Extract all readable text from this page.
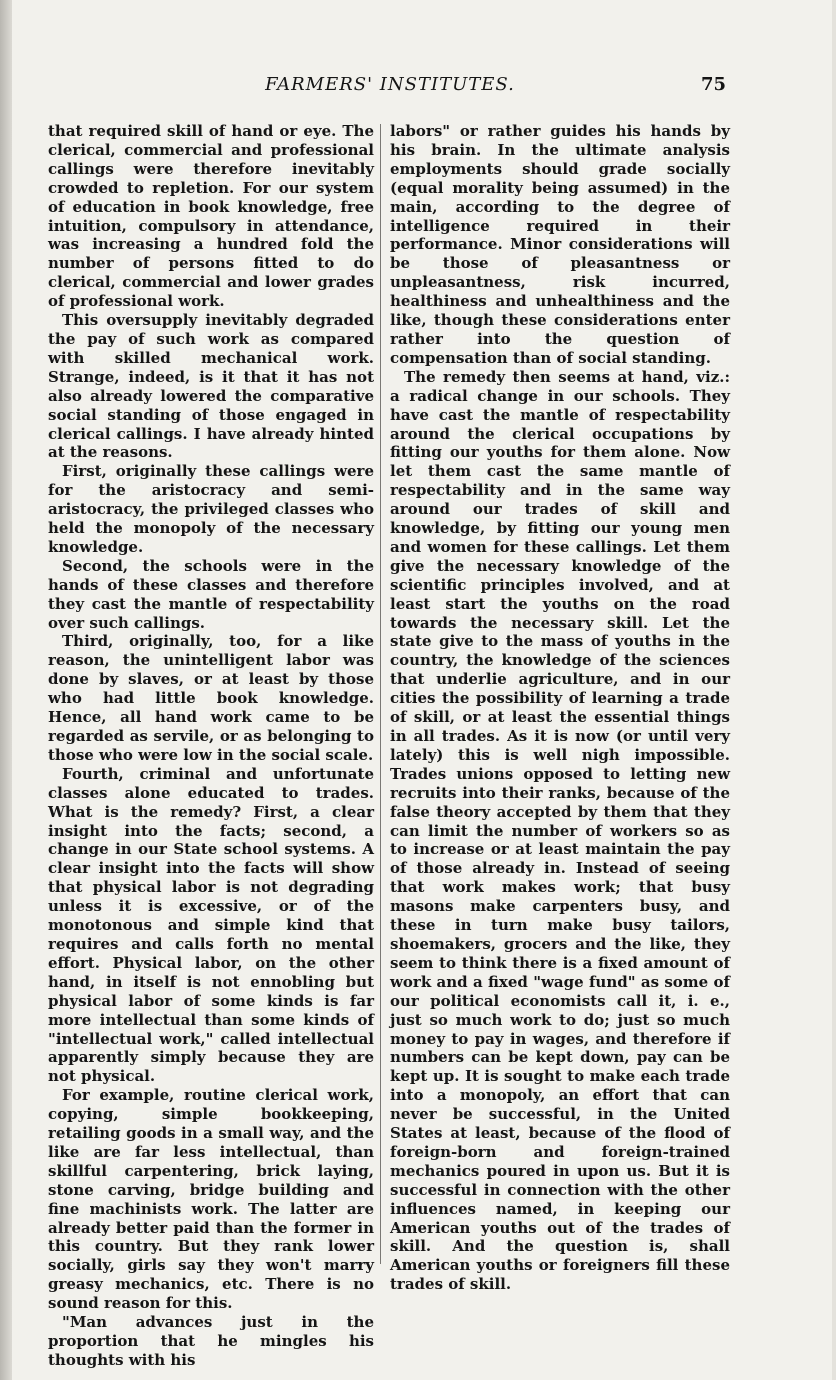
FARMERS' INSTITUTES.	75

that required skill of hand or eye. The clerical, commercial and professional callings were therefore inevitably crowded to repletion. For our system of education in book knowledge, free intuition, compulsory in attendance, was increasing a hundred fold the number of persons fitted to do clerical, commercial and lower grades of professional work.

This oversupply inevitably degraded the pay of such work as compared with skilled mechanical work. Strange, indeed, is it that it has not also already lowered the comparative social standing of those engaged in clerical callings. I have already hinted at the reasons.

First, originally these callings were for the aristocracy and semi-aristocracy, the privileged classes who held the monopoly of the necessary knowledge.

Second, the schools were in the hands of these classes and therefore they cast the mantle of respectability over such callings.

Third, originally, too, for a like reason, the unintelligent labor was done by slaves, or at least by those who had little book knowledge. Hence, all hand work came to be regarded as servile, or as belonging to those who were low in the social scale.

Fourth, criminal and unfortunate classes alone educated to trades. What is the remedy? First, a clear insight into the facts; second, a change in our State school systems. A clear insight into the facts will show that physical labor is not degrading unless it is excessive, or of the monotonous and simple kind that requires and calls forth no mental effort. Physical labor, on the other hand, in itself is not ennobling but physical labor of some kinds is far more intellectual than some kinds of "intellectual work," called intellectual apparently simply because they are not physical.

For example, routine clerical work, copying, simple bookkeeping, retailing goods in a small way, and the like are far less intellectual, than skillful carpentering, brick laying, stone carving, bridge building and fine machinists work. The latter are already better paid than the former in this country. But they rank lower socially, girls say they won't marry greasy mechanics, etc. There is no sound reason for this.

"Man advances just in the proportion that he mingles his thoughts with his

labors" or rather guides his hands by his brain. In the ultimate analysis employments should grade socially (equal morality being assumed) in the main, according to the degree of intelligence required in their performance. Minor considerations will be those of pleasantness or unpleasantness, risk incurred, healthiness and unhealthiness and the like, though these considerations enter rather into the question of compensation than of social standing.

The remedy then seems at hand, viz.: a radical change in our schools. They have cast the mantle of respectability around the clerical occupations by fitting our youths for them alone. Now let them cast the same mantle of respectability and in the same way around our trades of skill and knowledge, by fitting our young men and women for these callings. Let them give the necessary knowledge of the scientific principles involved, and at least start the youths on the road towards the necessary skill. Let the state give to the mass of youths in the country, the knowledge of the sciences that underlie agriculture, and in our cities the possibility of learning a trade of skill, or at least the essential things in all trades. As it is now (or until very lately) this is well nigh impossible. Trades unions opposed to letting new recruits into their ranks, because of the false theory accepted by them that they can limit the number of workers so as to increase or at least maintain the pay of those already in. Instead of seeing that work makes work; that busy masons make carpenters busy, and these in turn make busy tailors, shoemakers, grocers and the like, they seem to think there is a fixed amount of work and a fixed "wage fund" as some of our political economists call it, i. e., just so much work to do; just so much money to pay in wages, and therefore if numbers can be kept down, pay can be kept up. It is sought to make each trade into a monopoly, an effort that can never be successful, in the United States at least, because of the flood of foreign-born and foreign-trained mechanics poured in upon us. But it is successful in connection with the other influences named, in keeping our American youths out of the trades of skill. And the question is, shall American youths or foreigners fill these trades of skill.
